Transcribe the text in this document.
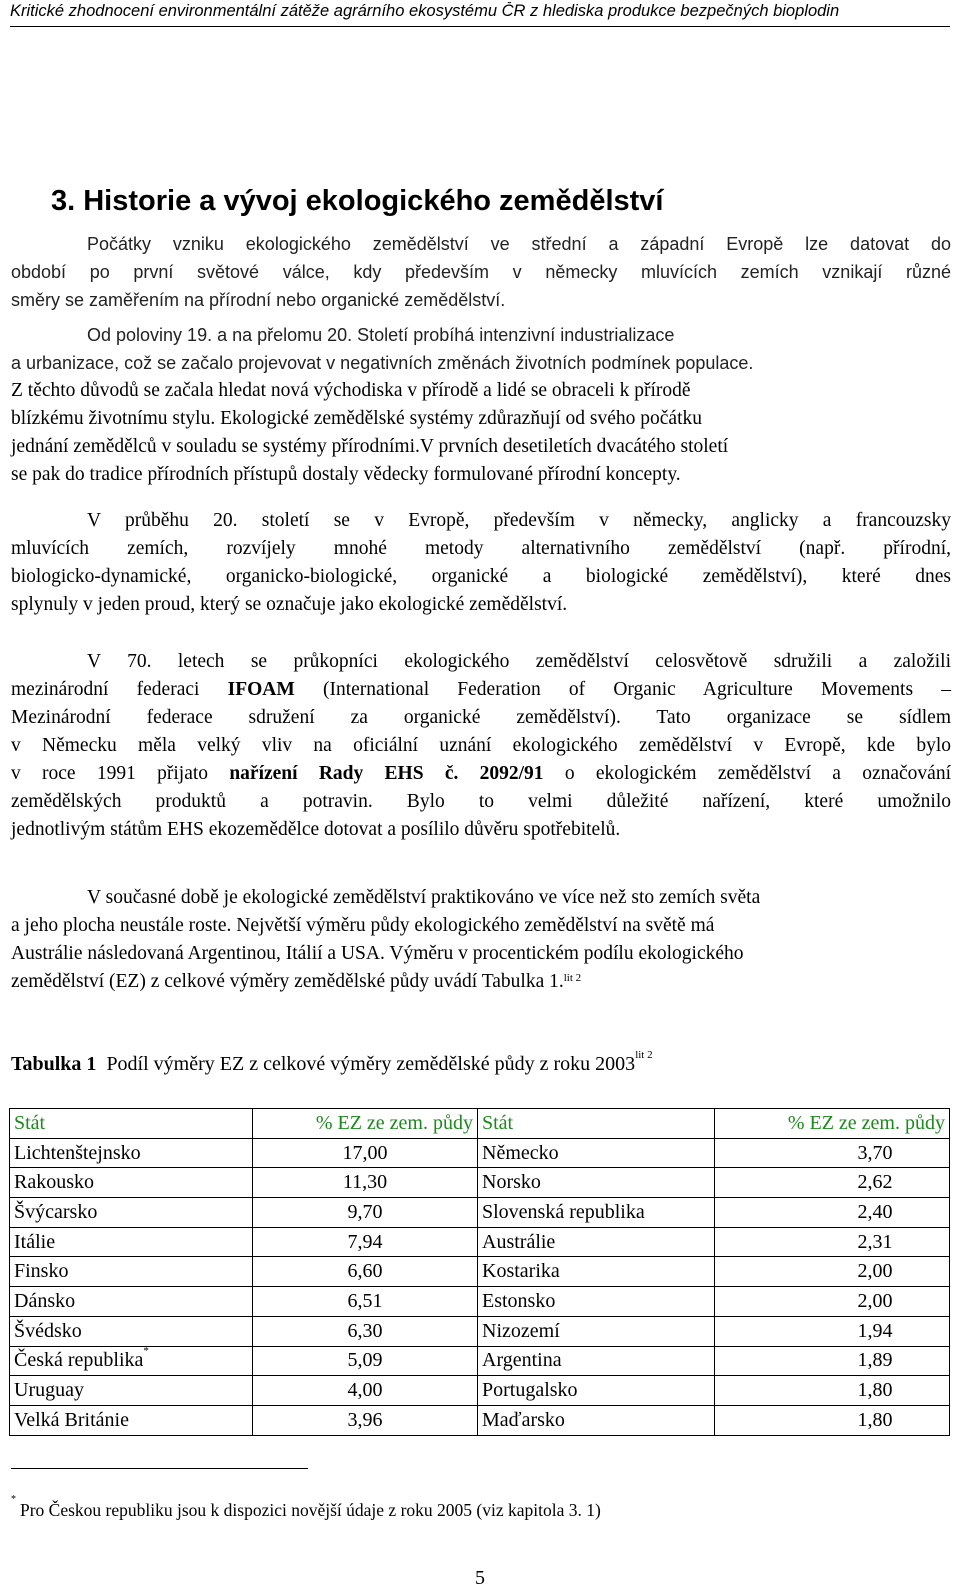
Kritické zhodnocení environmentální zátěže agrárního ekosystému ČR z hlediska produkce bezpečných bioplodin
3. Historie a vývoj ekologického zemědělství
Počátky vzniku ekologického zemědělství ve střední a západní Evropě lze datovat do
období po první světové válce, kdy především v německy mluvících zemích vznikají různé
směry se zaměřením na přírodní nebo organické zemědělství.
Od poloviny 19. a na přelomu 20. Století probíhá intenzivní industrializace
a urbanizace, což se začalo projevovat v negativních změnách životních podmínek populace.
Z těchto důvodů se začala hledat nová východiska v přírodě a lidé se obraceli k přírodě
blízkému životnímu stylu. Ekologické zemědělské systémy zdůrazňují od svého počátku
jednání zemědělců v souladu se systémy přírodními.V prvních desetiletích dvacátého století
se pak do tradice přírodních přístupů dostaly vědecky formulované přírodní koncepty.
V průběhu 20. století se v Evropě, především v německy, anglicky a francouzsky
mluvících zemích, rozvíjely mnohé metody alternativního zemědělství (např. přírodní,
biologicko-dynamické, organicko-biologické, organické a biologické zemědělství), které dnes
splynuly v jeden proud, který se označuje jako ekologické zemědělství.
V 70. letech se průkopníci ekologického zemědělství celosvětově sdružili a založili
mezinárodní federaci IFOAM (International Federation of Organic Agriculture Movements –
Mezinárodní federace sdružení za organické zemědělství). Tato organizace se sídlem
v Německu měla velký vliv na oficiální uznání ekologického zemědělství v Evropě, kde bylo
v roce 1991 přijato nařízení Rady EHS č. 2092/91 o ekologickém zemědělství a označování
zemědělských produktů a potravin. Bylo to velmi důležité nařízení, které umožnilo
jednotlivým státům EHS ekozemědělce dotovat a posílilo důvěru spotřebitelů.
V současné době je ekologické zemědělství praktikováno ve více než sto zemích světa
a jeho plocha neustále roste. Největší výměru půdy ekologického zemědělství na světě má
Austrálie následovaná Argentinou, Itálií a USA. Výměru v procentickém podílu ekologického
zemědělství (EZ) z celkové výměry zemědělské půdy uvádí Tabulka 1.$^{lit 2}$

Tabulka 1 Podíl výměry EZ z celkové výměry zemědělské půdy z roku $2003^{lit 2}$

Stát	% EZ ze zem. půdy	Stát	% EZ ze zem. půdy
Lichtenštejnsko	17,00	Německo	3,70
Rakousko	11,30	Norsko	2,62
Švýcarsko	9,70	Slovenská republika	2,40
Itálie	7,94	Austrálie	2,31
Finsko	6,60	Kostarika	2,00
Dánsko	6,51	Estonsko	2,00
Švédsko	6,30	Nizozemí	1,94
Česká republika*	5,09	Argentina	1,89
Uruguay	4,00	Portugalsko	1,80
Velká Británie	3,96	Maďarsko	1,80

*Pro Českou republiku jsou k dispozici novější údaje z roku 2005 (viz kapitola 3. 1)

5
